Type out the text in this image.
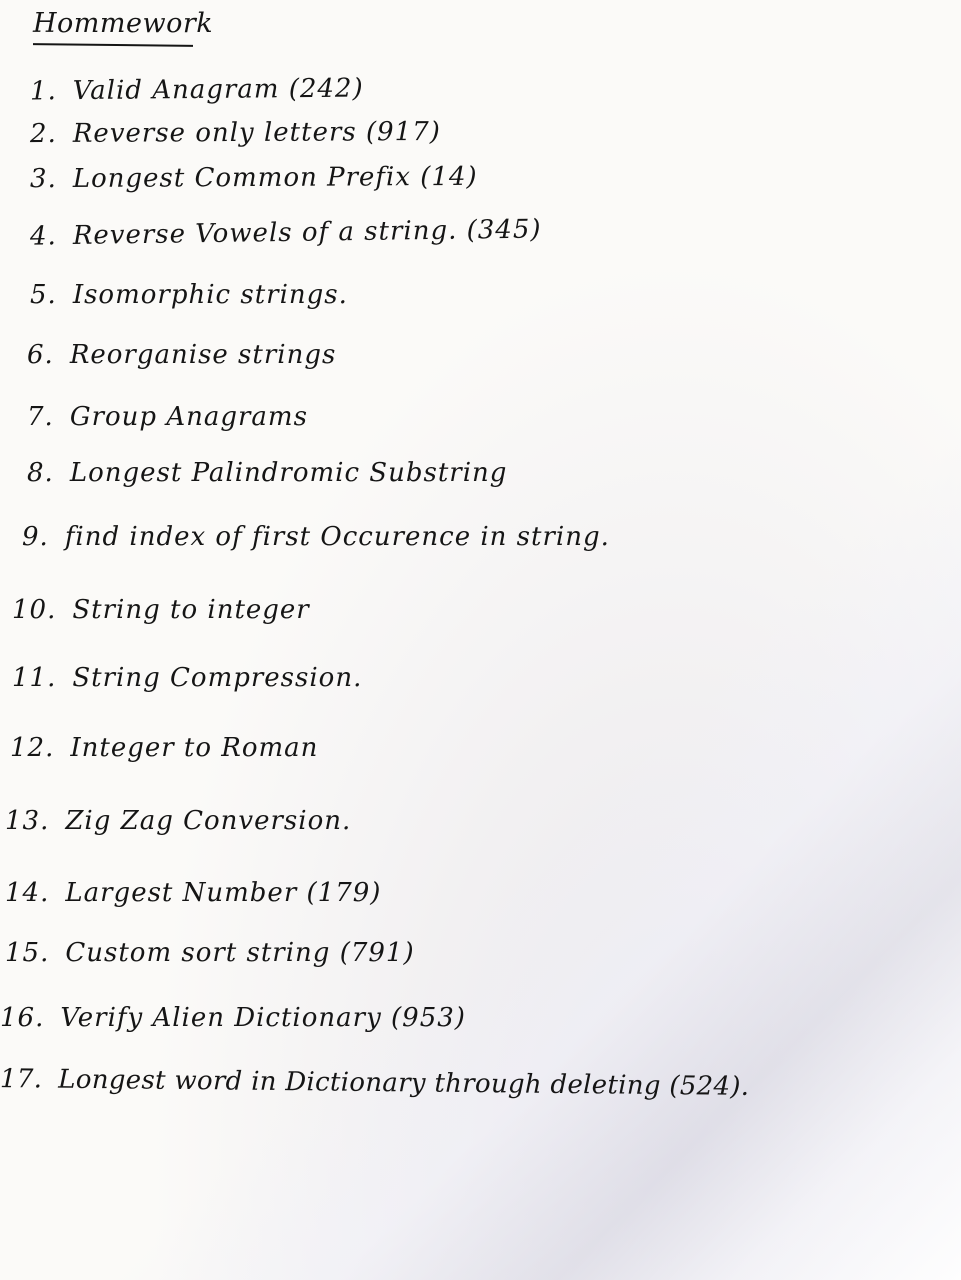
Hommework
1. Valid Anagram (242)
2. Reverse only letters (917)
3. Longest Common Prefix (14)
4. Reverse Vowels of a string. (345)
5. Isomorphic strings.
6. Reorganise strings
7. Group Anagrams
8. Longest Palindromic Substring
9. find index of first Occurence in string.
10. String to integer
11. String Compression.
12. Integer to Roman
13. Zig Zag Conversion.
14. Largest Number (179)
15. Custom sort string (791)
16. Verify Alien Dictionary (953)
17. Longest word in Dictionary through deleting (524).
